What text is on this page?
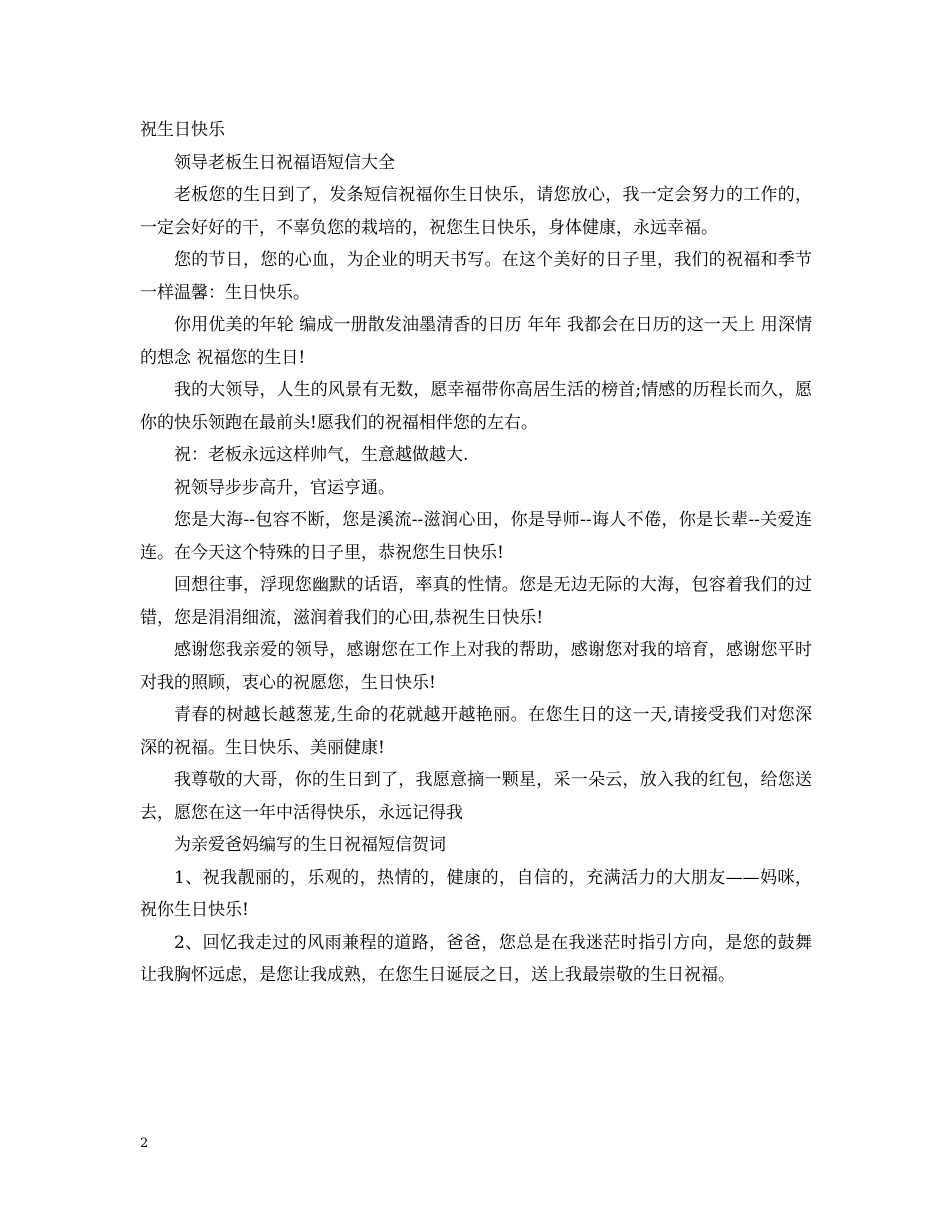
祝生日快乐

领导老板生日祝福语短信大全

老板您的生日到了，发条短信祝福你生日快乐，请您放心，我一定会努力的工作的，一定会好好的干，不辜负您的栽培的，祝您生日快乐，身体健康，永远幸福。

您的节日，您的心血，为企业的明天书写。在这个美好的日子里，我们的祝福和季节一样温馨：生日快乐。

你用优美的年轮 编成一册散发油墨清香的日历 年年 我都会在日历的这一天上 用深情的想念 祝福您的生日!

我的大领导，人生的风景有无数，愿幸福带你高居生活的榜首;情感的历程长而久，愿你的快乐领跑在最前头!愿我们的祝福相伴您的左右。

祝：老板永远这样帅气，生意越做越大.

祝领导步步高升，官运亨通。

您是大海--包容不断，您是溪流--滋润心田，你是导师--诲人不倦，你是长辈--关爱连连。在今天这个特殊的日子里，恭祝您生日快乐!

回想往事，浮现您幽默的话语，率真的性情。您是无边无际的大海，包容着我们的过错，您是涓涓细流，滋润着我们的心田,恭祝生日快乐!

感谢您我亲爱的领导，感谢您在工作上对我的帮助，感谢您对我的培育，感谢您平时对我的照顾，衷心的祝愿您，生日快乐!

青春的树越长越葱茏,生命的花就越开越艳丽。在您生日的这一天,请接受我们对您深深的祝福。生日快乐、美丽健康!

我尊敬的大哥，你的生日到了，我愿意摘一颗星，采一朵云，放入我的红包，给您送去，愿您在这一年中活得快乐，永远记得我

为亲爱爸妈编写的生日祝福短信贺词

1、祝我靓丽的，乐观的，热情的，健康的，自信的，充满活力的大朋友——妈咪，祝你生日快乐!

2、回忆我走过的风雨兼程的道路，爸爸，您总是在我迷茫时指引方向，是您的鼓舞让我胸怀远虑，是您让我成熟，在您生日诞辰之日，送上我最崇敬的生日祝福。

2
